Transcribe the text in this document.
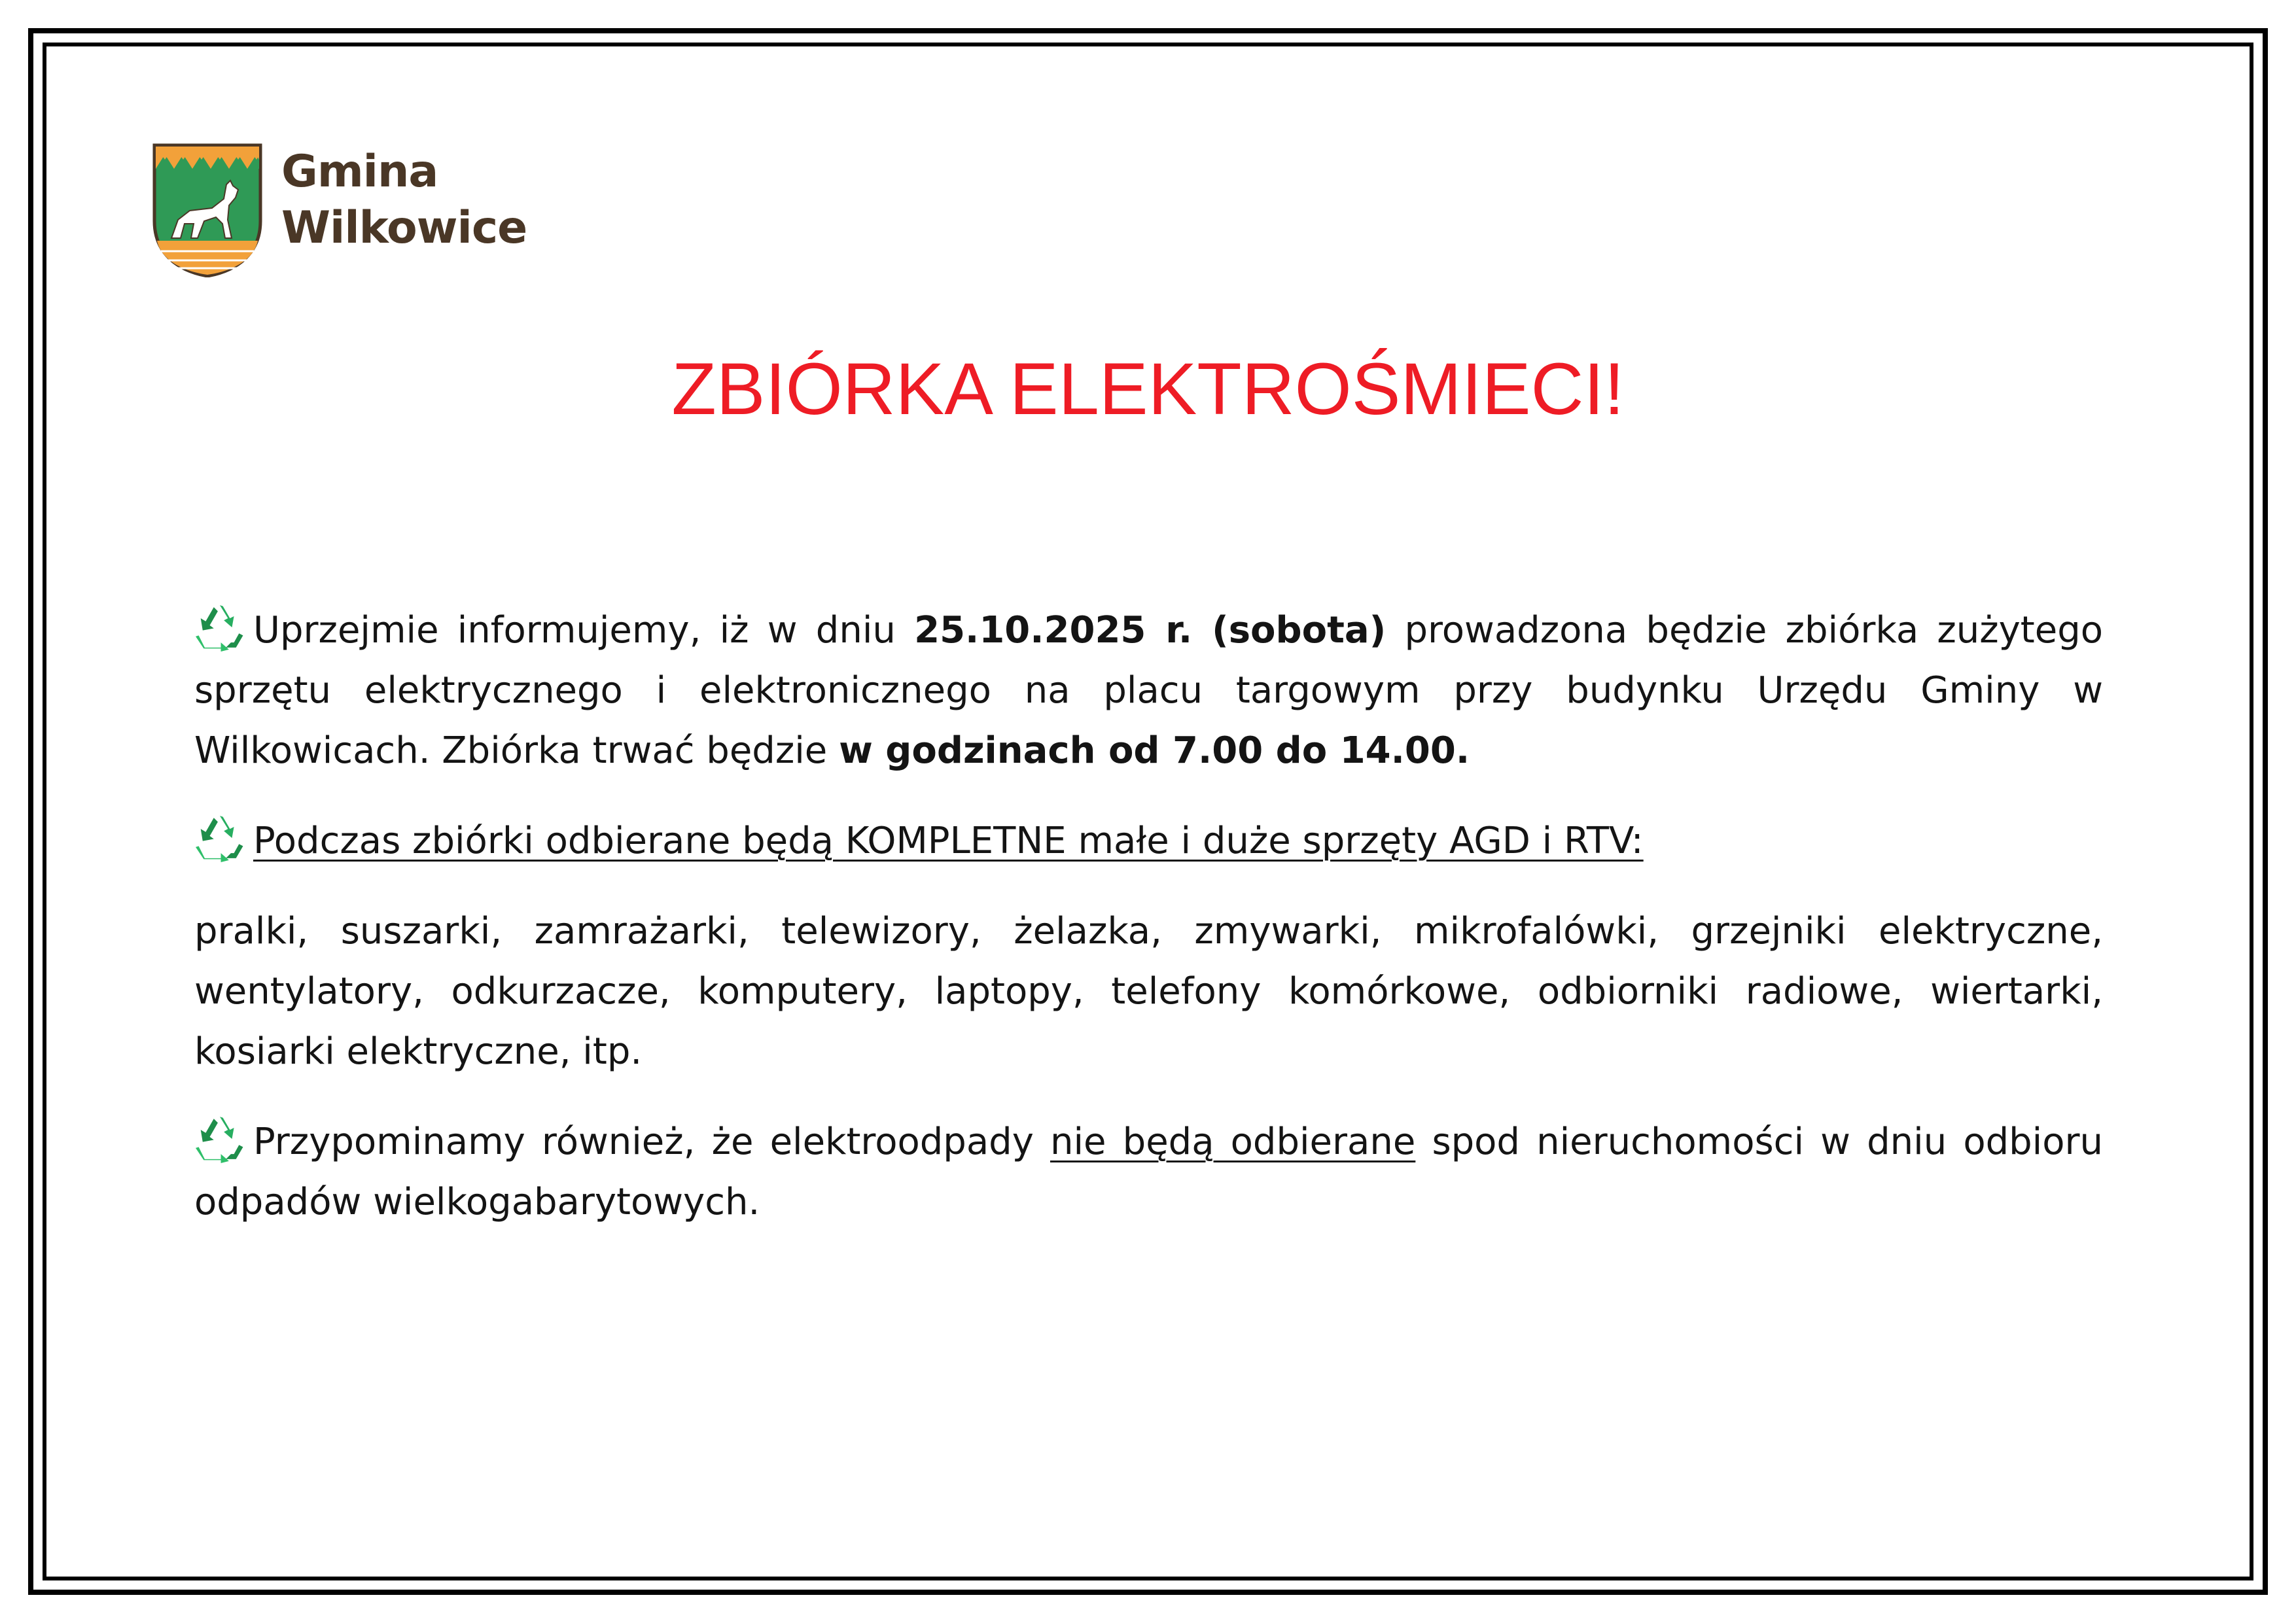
Gmina
Wilkowice
ZBIÓRKA ELEKTROŚMIECI!

Uprzejmie informujemy, iż w dniu 25.10.2025 r. (sobota) prowadzona będzie zbiórka zużytego sprzętu elektrycznego i elektronicznego na placu targowym przy budynku Urzędu Gminy w Wilkowicach. Zbiórka trwać będzie w godzinach od 7.00 do 14.00.

Podczas zbiórki odbierane będą KOMPLETNE małe i duże sprzęty AGD i RTV:

pralki, suszarki, zamrażarki, telewizory, żelazka, zmywarki, mikrofalówki, grzejniki elektryczne, wentylatory, odkurzacze, komputery, laptopy, telefony komórkowe, odbiorniki radiowe, wiertarki, kosiarki elektryczne, itp.

Przypominamy również, że elektroodpady nie będą odbierane spod nieruchomości w dniu odbioru odpadów wielkogabarytowych.
